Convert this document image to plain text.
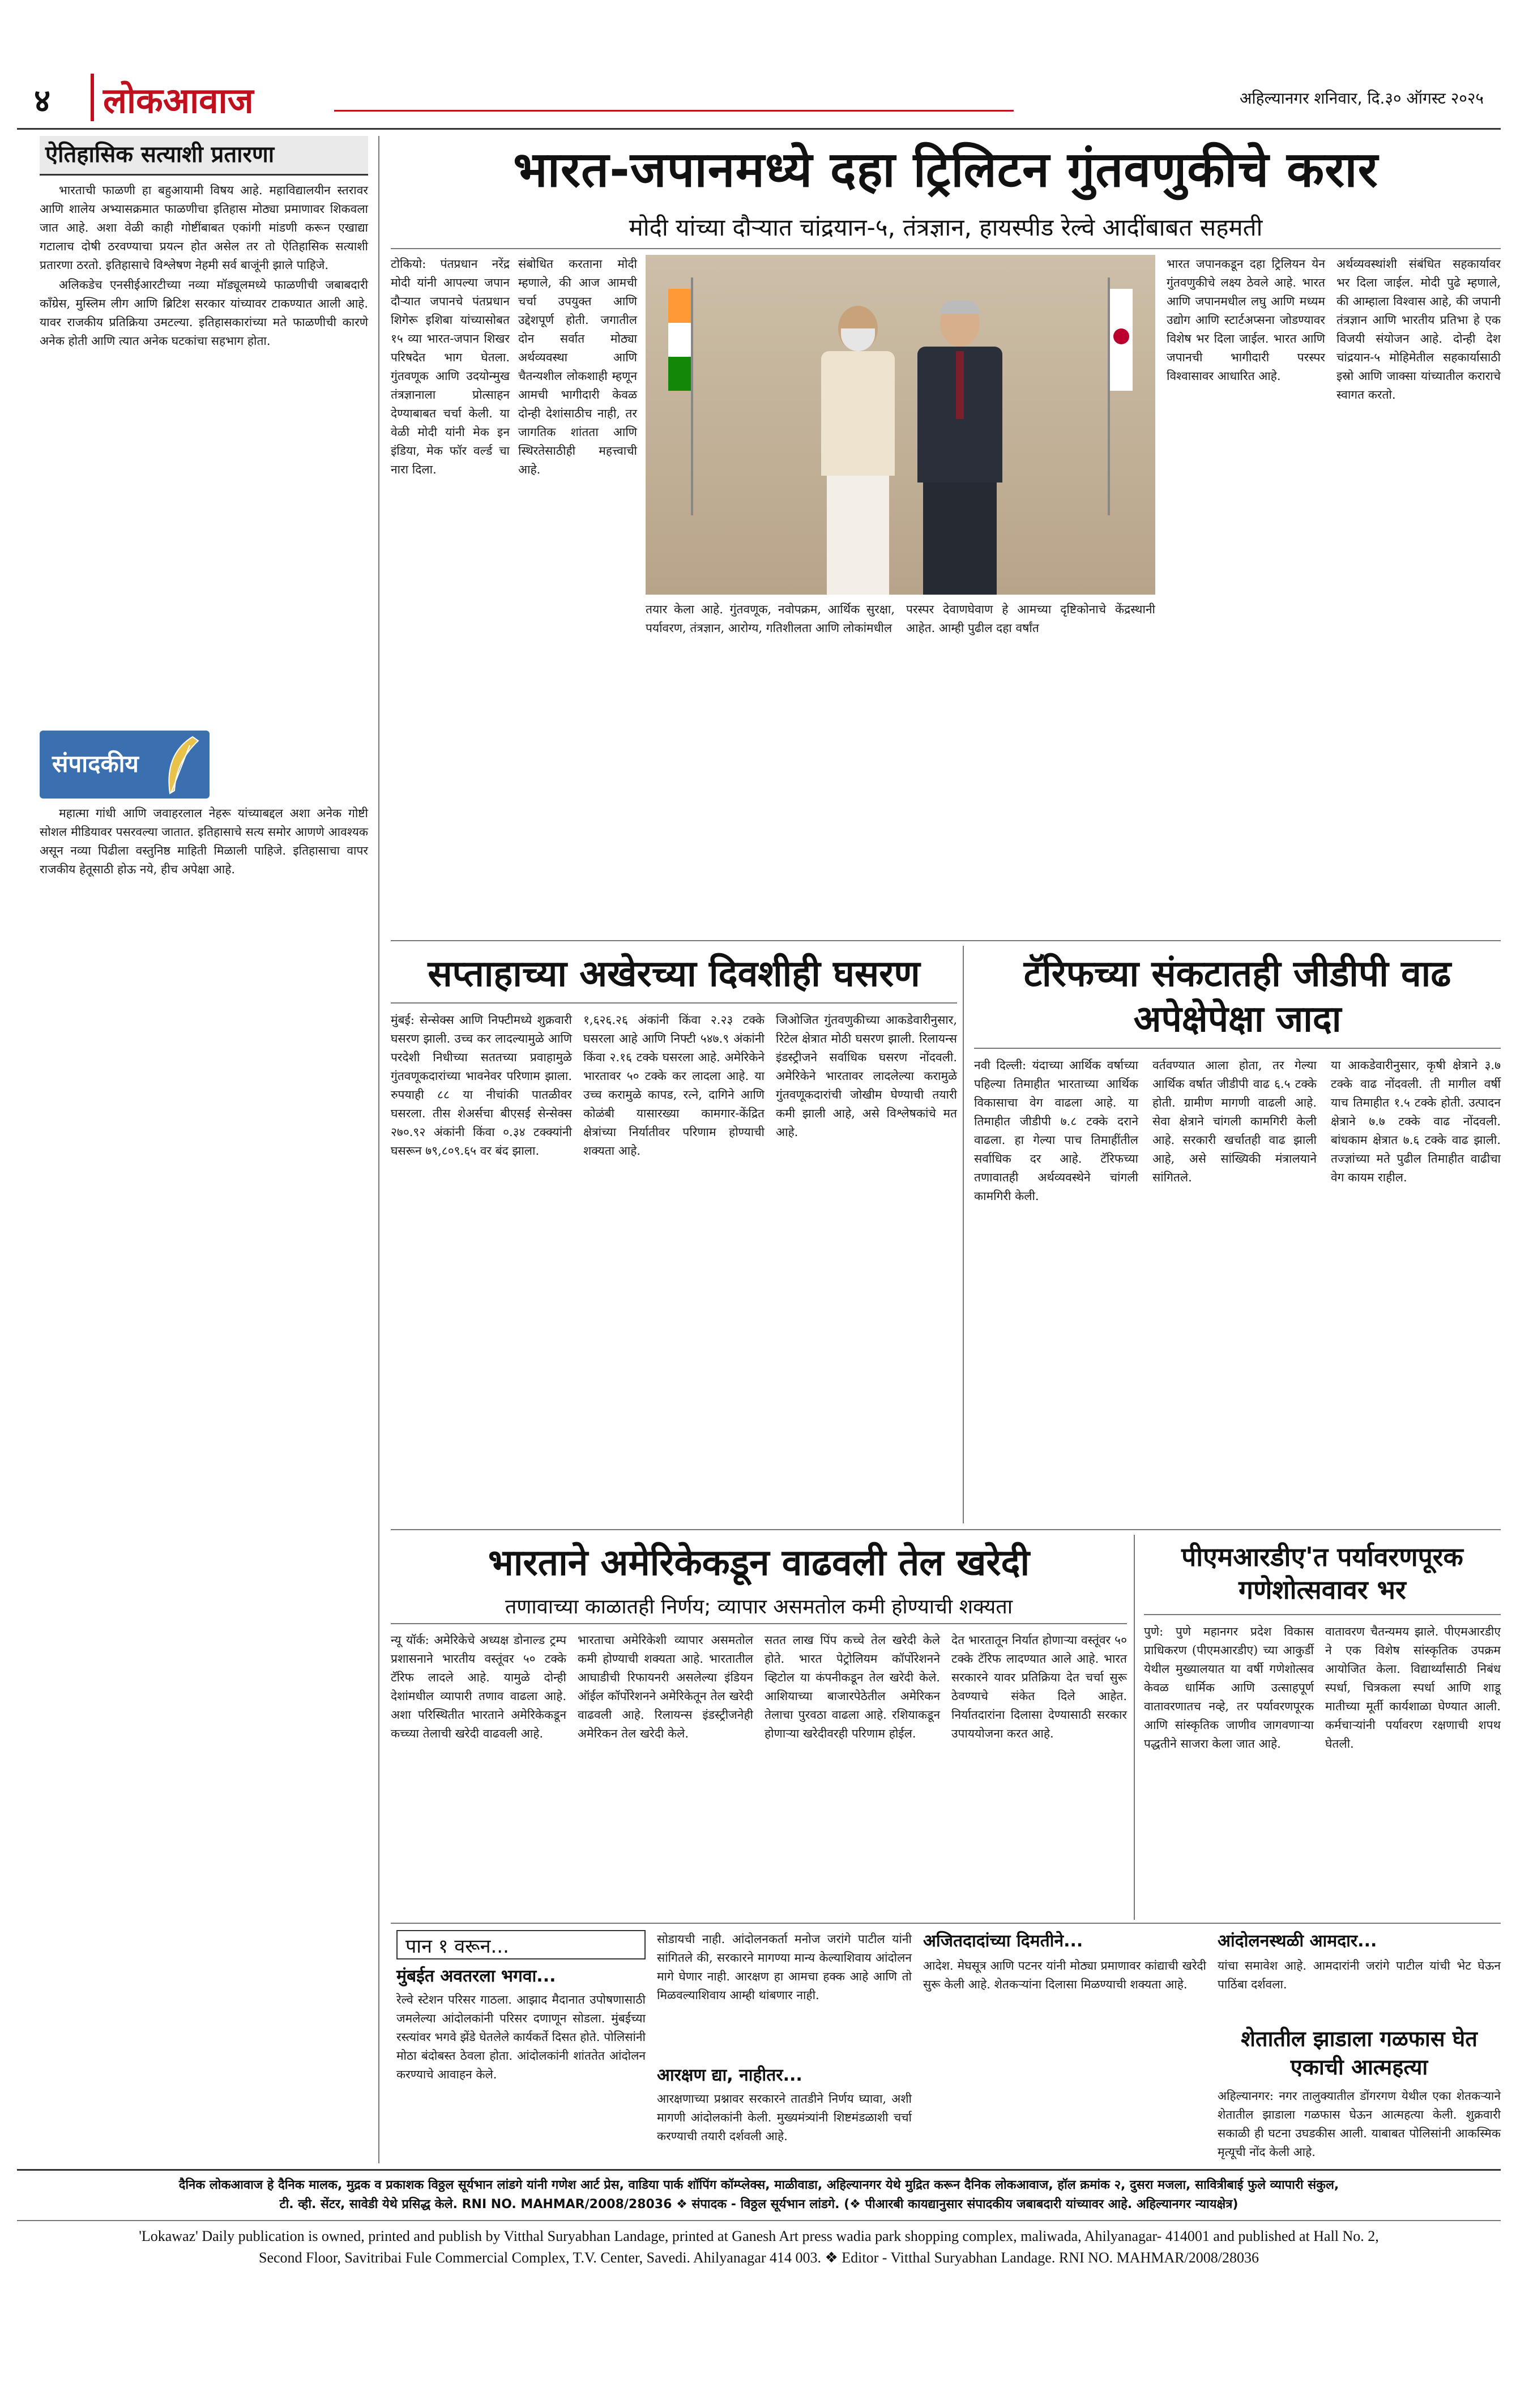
४ लोकआवाज	अहिल्यानगर शनिवार, दि.३० ऑगस्ट २०२५
ऐतिहासिक सत्याशी प्रतारणा

भारताची फाळणी हा बहुआयामी विषय आहे. महाविद्यालयीन स्तरावर आणि शालेय अभ्यासक्रमात फाळणीचा इतिहास मोठ्या प्रमाणावर शिकवला जात आहे. अशा वेळी काही गोष्टींबाबत एकांगी मांडणी करून एखाद्या गटालाच दोषी ठरवण्याचा प्रयत्न होत असेल तर तो ऐतिहासिक सत्याशी प्रतारणा ठरतो. इतिहासाचे विश्लेषण नेहमी सर्व बाजूंनी झाले पाहिजे.

अलिकडेच एनसीईआरटीच्या नव्या मॉड्यूलमध्ये फाळणीची जबाबदारी काँग्रेस, मुस्लिम लीग आणि ब्रिटिश सरकार यांच्यावर टाकण्यात आली आहे. यावर राजकीय प्रतिक्रिया उमटल्या. इतिहासकारांच्या मते फाळणीची कारणे अनेक होती आणि त्यात अनेक घटकांचा सहभाग होता.

संपादकीय

महात्मा गांधी आणि जवाहरलाल नेहरू यांच्याबद्दल अशा अनेक गोष्टी सोशल मीडियावर पसरवल्या जातात. इतिहासाचे सत्य समोर आणणे आवश्यक असून नव्या पिढीला वस्तुनिष्ठ माहिती मिळाली पाहिजे. इतिहासाचा वापर राजकीय हेतूसाठी होऊ नये, हीच अपेक्षा आहे.

भारत-जपानमध्ये दहा ट्रिलिटन गुंतवणुकीचे करार
मोदी यांच्या दौऱ्यात चांद्रयान-५, तंत्रज्ञान, हायस्पीड रेल्वे आदींबाबत सहमती
टोकियो: पंतप्रधान नरेंद्र मोदी यांनी आपल्या जपान दौऱ्यात जपानचे पंतप्रधान शिगेरू इशिबा यांच्यासोबत १५ व्या भारत-जपान शिखर परिषदेत भाग घेतला. गुंतवणूक आणि उदयोन्मुख तंत्रज्ञानाला प्रोत्साहन देण्याबाबत चर्चा केली. या वेळी मोदी यांनी मेक इन इंडिया, मेक फॉर वर्ल्ड चा नारा दिला.
संबोधित करताना मोदी म्हणाले, की आज आमची चर्चा उपयुक्त आणि उद्देशपूर्ण होती. जगातील दोन सर्वात मोठ्या अर्थव्यवस्था आणि चैतन्यशील लोकशाही म्हणून आमची भागीदारी केवळ दोन्ही देशांसाठीच नाही, तर जागतिक शांतता आणि स्थिरतेसाठीही महत्त्वाची आहे.
तयार केला आहे. गुंतवणूक, नवोपक्रम, आर्थिक सुरक्षा, पर्यावरण, तंत्रज्ञान, आरोग्य, गतिशीलता आणि लोकांमधील
परस्पर देवाणघेवाण हे आमच्या दृष्टिकोनाचे केंद्रस्थानी आहेत. आम्ही पुढील दहा वर्षांत
भारत जपानकडून दहा ट्रिलियन येन गुंतवणुकीचे लक्ष्य ठेवले आहे. भारत आणि जपानमधील लघु आणि मध्यम उद्योग आणि स्टार्टअप्सना जोडण्यावर विशेष भर दिला जाईल. भारत आणि जपानची भागीदारी परस्पर विश्वासावर आधारित आहे.
अर्थव्यवस्थांशी संबंधित सहकार्यावर भर दिला जाईल. मोदी पुढे म्हणाले, की आम्हाला विश्वास आहे, की जपानी तंत्रज्ञान आणि भारतीय प्रतिभा हे एक विजयी संयोजन आहे. दोन्ही देश चांद्रयान-५ मोहिमेतील सहकार्यासाठी इस्रो आणि जाक्सा यांच्यातील कराराचे स्वागत करतो.
सप्ताहाच्या अखेरच्या दिवशीही घसरण
मुंबई: सेन्सेक्स आणि निफ्टीमध्ये शुक्रवारी घसरण झाली. उच्च कर लादल्यामुळे आणि परदेशी निधीच्या सततच्या प्रवाहामुळे गुंतवणूकदारांच्या भावनेवर परिणाम झाला. रुपयाही ८८ या नीचांकी पातळीवर घसरला. तीस शेअर्सचा बीएसई सेन्सेक्स २७०.९२ अंकांनी किंवा ०.३४ टक्क्यांनी घसरून ७९,८०९.६५ वर बंद झाला.
१,६२६.२६ अंकांनी किंवा २.२३ टक्के घसरला आहे आणि निफ्टी ५४७.९ अंकांनी किंवा २.१६ टक्के घसरला आहे. अमेरिकेने भारतावर ५० टक्के कर लादला आहे. या उच्च करामुळे कापड, रत्ने, दागिने आणि कोळंबी यासारख्या कामगार-केंद्रित क्षेत्रांच्या निर्यातीवर परिणाम होण्याची शक्यता आहे.
जिओजित गुंतवणुकीच्या आकडेवारीनुसार, रिटेल क्षेत्रात मोठी घसरण झाली. रिलायन्स इंडस्ट्रीजने सर्वाधिक घसरण नोंदवली. अमेरिकेने भारतावर लादलेल्या करामुळे गुंतवणूकदारांची जोखीम घेण्याची तयारी कमी झाली आहे, असे विश्लेषकांचे मत आहे.
टॅरिफच्या संकटातही जीडीपी वाढ अपेक्षेपेक्षा जादा
नवी दिल्ली: यंदाच्या आर्थिक वर्षाच्या पहिल्या तिमाहीत भारताच्या आर्थिक विकासाचा वेग वाढला आहे. या तिमाहीत जीडीपी ७.८ टक्के दराने वाढला. हा गेल्या पाच तिमाहींतील सर्वाधिक दर आहे. टॅरिफच्या तणावातही अर्थव्यवस्थेने चांगली कामगिरी केली.
वर्तवण्यात आला होता, तर गेल्या आर्थिक वर्षात जीडीपी वाढ ६.५ टक्के होती. ग्रामीण मागणी वाढली आहे. सेवा क्षेत्राने चांगली कामगिरी केली आहे. सरकारी खर्चातही वाढ झाली आहे, असे सांख्यिकी मंत्रालयाने सांगितले.
या आकडेवारीनुसार, कृषी क्षेत्राने ३.७ टक्के वाढ नोंदवली. ती मागील वर्षी याच तिमाहीत १.५ टक्के होती. उत्पादन क्षेत्राने ७.७ टक्के वाढ नोंदवली. बांधकाम क्षेत्रात ७.६ टक्के वाढ झाली. तज्ज्ञांच्या मते पुढील तिमाहीत वाढीचा वेग कायम राहील.
भारताने अमेरिकेकडून वाढवली तेल खरेदी
तणावाच्या काळातही निर्णय; व्यापार असमतोल कमी होण्याची शक्यता
न्यू यॉर्क: अमेरिकेचे अध्यक्ष डोनाल्ड ट्रम्प प्रशासनाने भारतीय वस्तूंवर ५० टक्के टॅरिफ लादले आहे. यामुळे दोन्ही देशांमधील व्यापारी तणाव वाढला आहे. अशा परिस्थितीत भारताने अमेरिकेकडून कच्च्या तेलाची खरेदी वाढवली आहे.
भारताचा अमेरिकेशी व्यापार असमतोल कमी होण्याची शक्यता आहे. भारतातील आघाडीची रिफायनरी असलेल्या इंडियन ऑईल कॉर्पोरेशनने अमेरिकेतून तेल खरेदी वाढवली आहे. रिलायन्स इंडस्ट्रीजनेही अमेरिकन तेल खरेदी केले.
सतत लाख पिंप कच्चे तेल खरेदी केले होते. भारत पेट्रोलियम कॉर्पोरेशनने व्हिटोल या कंपनीकडून तेल खरेदी केले. आशियाच्या बाजारपेठेतील अमेरिकन तेलाचा पुरवठा वाढला आहे. रशियाकडून होणाऱ्या खरेदीवरही परिणाम होईल.
देत भारतातून निर्यात होणाऱ्या वस्तूंवर ५० टक्के टॅरिफ लादण्यात आले आहे. भारत सरकारने यावर प्रतिक्रिया देत चर्चा सुरू ठेवण्याचे संकेत दिले आहेत. निर्यातदारांना दिलासा देण्यासाठी सरकार उपाययोजना करत आहे.
पीएमआरडीए'त पर्यावरणपूरक गणेशोत्सवावर भर
पुणे: पुणे महानगर प्रदेश विकास प्राधिकरण (पीएमआरडीए) च्या आकुर्डी येथील मुख्यालयात या वर्षी गणेशोत्सव केवळ धार्मिक आणि उत्साहपूर्ण वातावरणातच नव्हे, तर पर्यावरणपूरक आणि सांस्कृतिक जाणीव जागवणाऱ्या पद्धतीने साजरा केला जात आहे.
वातावरण चैतन्यमय झाले. पीएमआरडीए ने एक विशेष सांस्कृतिक उपक्रम आयोजित केला. विद्यार्थ्यांसाठी निबंध स्पर्धा, चित्रकला स्पर्धा आणि शाडू मातीच्या मूर्ती कार्यशाळा घेण्यात आली. कर्मचाऱ्यांनी पर्यावरण रक्षणाची शपथ घेतली.
पान १ वरून...
मुंबईत अवतरला भगवा...
रेल्वे स्टेशन परिसर गाठला. आझाद मैदानात उपोषणासाठी जमलेल्या आंदोलकांनी परिसर दणाणून सोडला. मुंबईच्या रस्त्यांवर भगवे झेंडे घेतलेले कार्यकर्ते दिसत होते. पोलिसांनी मोठा बंदोबस्त ठेवला होता. आंदोलकांनी शांततेत आंदोलन करण्याचे आवाहन केले.
सोडायची नाही. आंदोलनकर्ता मनोज जरांगे पाटील यांनी सांगितले की, सरकारने मागण्या मान्य केल्याशिवाय आंदोलन मागे घेणार नाही. आरक्षण हा आमचा हक्क आहे आणि तो मिळवल्याशिवाय आम्ही थांबणार नाही.
आरक्षण द्या, नाहीतर...
आरक्षणाच्या प्रश्नावर सरकारने तातडीने निर्णय घ्यावा, अशी मागणी आंदोलकांनी केली. मुख्यमंत्र्यांनी शिष्टमंडळाशी चर्चा करण्याची तयारी दर्शवली आहे.
अजितदादांच्या दिमतीने...
आदेश. मेघसूत्र आणि पटनर यांनी मोठ्या प्रमाणावर कांद्याची खरेदी सुरू केली आहे. शेतकऱ्यांना दिलासा मिळण्याची शक्यता आहे.
आंदोलनस्थळी आमदार...
यांचा समावेश आहे. आमदारांनी जरांगे पाटील यांची भेट घेऊन पाठिंबा दर्शवला.
शेतातील झाडाला गळफास घेत एकाची आत्महत्या
अहिल्यानगर: नगर तालुक्यातील डोंगरगण येथील एका शेतकऱ्याने शेतातील झाडाला गळफास घेऊन आत्महत्या केली. शुक्रवारी सकाळी ही घटना उघडकीस आली. याबाबत पोलिसांनी आकस्मिक मृत्यूची नोंद केली आहे.
दैनिक लोकआवाज हे दैनिक मालक, मुद्रक व प्रकाशक विठ्ठल सूर्यभान लांडगे यांनी गणेश आर्ट प्रेस, वाडिया पार्क शॉपिंग कॉम्प्लेक्स, माळीवाडा, अहिल्यानगर येथे मुद्रित करून दैनिक लोकआवाज, हॉल क्रमांक २, दुसरा मजला, सावित्रीबाई फुले व्यापारी संकुल,
टी. व्ही. सेंटर, सावेडी येथे प्रसिद्ध केले. RNI NO. MAHMAR/2008/28036 ❖ संपादक - विठ्ठल सूर्यभान लांडगे. (❖ पीआरबी कायद्यानुसार संपादकीय जबाबदारी यांच्यावर आहे. अहिल्यानगर न्यायक्षेत्र)
'Lokawaz' Daily publication is owned, printed and publish by Vitthal Suryabhan Landage, printed at Ganesh Art press wadia park shopping complex, maliwada, Ahilyanagar- 414001 and published at Hall No. 2,
Second Floor, Savitribai Fule Commercial Complex, T.V. Center, Savedi. Ahilyanagar 414 003. ❖ Editor - Vitthal Suryabhan Landage. RNI NO. MAHMAR/2008/28036
